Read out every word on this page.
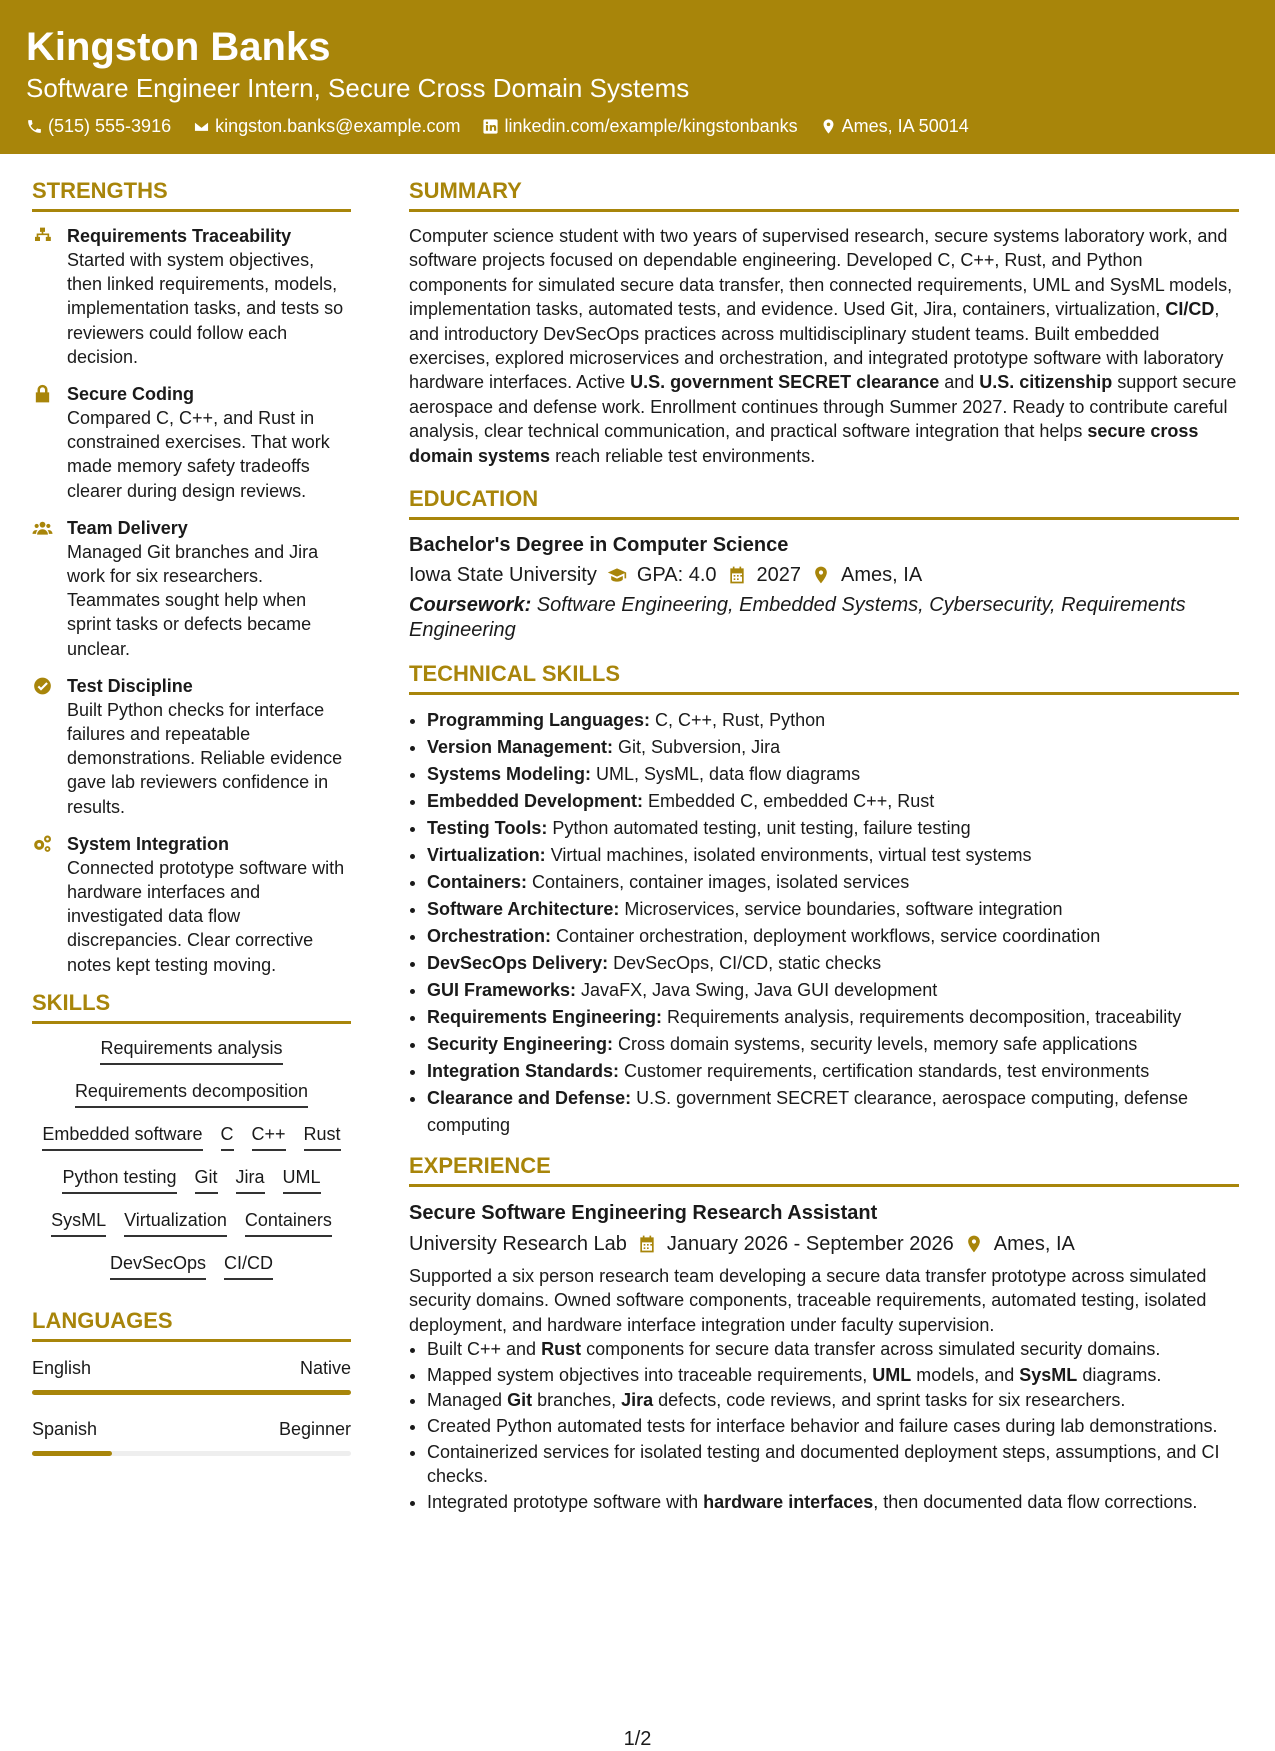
Kingston Banks
Software Engineer Intern, Secure Cross Domain Systems
(515) 555-3916 kingston.banks@example.com linkedin.com/example/kingstonbanks Ames, IA 50014
STRENGTHS
Requirements Traceability
Started with system objectives, then linked requirements, models, implementation tasks, and tests so reviewers could follow each decision.
Secure Coding
Compared C, C++, and Rust in constrained exercises. That work made memory safety tradeoffs clearer during design reviews.
Team Delivery
Managed Git branches and Jira work for six researchers. Teammates sought help when sprint tasks or defects became unclear.
Test Discipline
Built Python checks for interface failures and repeatable demonstrations. Reliable evidence gave lab reviewers confidence in results.
System Integration
Connected prototype software with hardware interfaces and investigated data flow discrepancies. Clear corrective notes kept testing moving.
SKILLS
Requirements analysis
Requirements decomposition
Embedded software C C++ Rust
Python testing Git Jira UML
SysML Virtualization Containers
DevSecOps CI/CD
LANGUAGES
English	Native
Spanish	Beginner
SUMMARY

Computer science student with two years of supervised research, secure systems laboratory work, and software projects focused on dependable engineering. Developed C, C++, Rust, and Python components for simulated secure data transfer, then connected requirements, UML and SysML models, implementation tasks, automated tests, and evidence. Used Git, Jira, containers, virtualization, CI/CD, and introductory DevSecOps practices across multidisciplinary student teams. Built embedded exercises, explored microservices and orchestration, and integrated prototype software with laboratory hardware interfaces. Active U.S. government SECRET clearance and U.S. citizenship support secure aerospace and defense work. Enrollment continues through Summer 2027. Ready to contribute careful analysis, clear technical communication, and practical software integration that helps secure cross domain systems reach reliable test environments.

EDUCATION
Bachelor's Degree in Computer Science
Iowa State University GPA: 4.0 2027 Ames, IA
Coursework: Software Engineering, Embedded Systems, Cybersecurity, Requirements Engineering
TECHNICAL SKILLS
• Programming Languages: C, C++, Rust, Python
• Version Management: Git, Subversion, Jira
• Systems Modeling: UML, SysML, data flow diagrams
• Embedded Development: Embedded C, embedded C++, Rust
• Testing Tools: Python automated testing, unit testing, failure testing
• Virtualization: Virtual machines, isolated environments, virtual test systems
• Containers: Containers, container images, isolated services
• Software Architecture: Microservices, service boundaries, software integration
• Orchestration: Container orchestration, deployment workflows, service coordination
• DevSecOps Delivery: DevSecOps, CI/CD, static checks
• GUI Frameworks: JavaFX, Java Swing, Java GUI development
• Requirements Engineering: Requirements analysis, requirements decomposition, traceability
• Security Engineering: Cross domain systems, security levels, memory safe applications
• Integration Standards: Customer requirements, certification standards, test environments
• Clearance and Defense: U.S. government SECRET clearance, aerospace computing, defense computing
EXPERIENCE
Secure Software Engineering Research Assistant
University Research Lab January 2026 - September 2026 Ames, IA

Supported a six person research team developing a secure data transfer prototype across simulated security domains. Owned software components, traceable requirements, automated testing, isolated deployment, and hardware interface integration under faculty supervision.

• Built C++ and Rust components for secure data transfer across simulated security domains.
• Mapped system objectives into traceable requirements, UML models, and SysML diagrams.
• Managed Git branches, Jira defects, code reviews, and sprint tasks for six researchers.
• Created Python automated tests for interface behavior and failure cases during lab demonstrations.
• Containerized services for isolated testing and documented deployment steps, assumptions, and CI checks.
• Integrated prototype software with hardware interfaces, then documented data flow corrections.
1/2
